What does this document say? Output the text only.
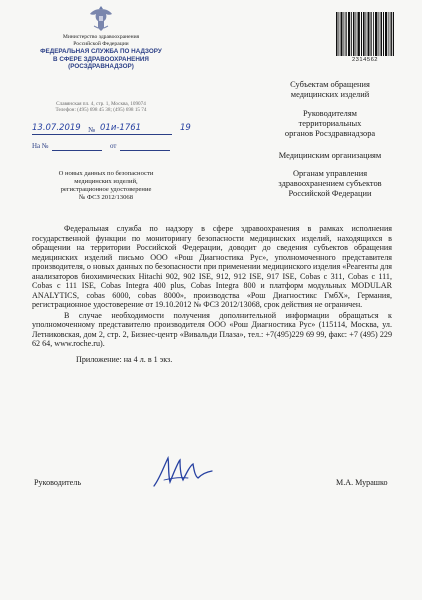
Министерство здравоохранения
Российской Федерации
ФЕДЕРАЛЬНАЯ СЛУЖБА ПО НАДЗОРУ
В СФЕРЕ ЗДРАВООХРАНЕНИЯ
(РОСЗДРАВНАДЗОР)
Славянская пл. 4, стр. 1, Москва, 109074
Телефон: (495) 698 45 38; (495) 698 15 74
2314562
13.07.2019 № 01и-1761	19
На №	от
Субъектам обращения
медицинских изделий
Руководителям
территориальных
органов Росздравнадзора
Медицинским организациям
Органам управления
здравоохранением субъектов
Российской Федерации
О новых данных по безопасности
медицинских изделий,
регистрационное удостоверение
№ ФСЗ 2012/13068

Федеральная служба по надзору в сфере здравоохранения в рамках исполнения государственной функции по мониторингу безопасности медицинских изделий, находящихся в обращении на территории Российской Федерации, доводит до сведения субъектов обращения медицинских изделий письмо ООО «Рош Диагностика Рус», уполномоченного представителя производителя, о новых данных по безопасности при применении медицинского изделия «Реагенты для анализаторов биохимических Hitachi 902, 902 ISE, 912, 912 ISE, 917 ISE, Cobas c 311, Cobas c 111, Cobas c 111 ISE, Cobas Integra 400 plus, Cobas Integra 800 и платформ модульных MODULAR ANALYTICS, cobas 6000, cobas 8000», производства «Рош Диагностикс ГмбХ», Германия, регистрационное удостоверение от 19.10.2012 № ФСЗ 2012/13068, срок действия не ограничен.

В случае необходимости получения дополнительной информации обращаться к уполномоченному представителю производителя ООО «Рош Диагностика Рус» (115114, Москва, ул. Летниковская, дом 2, стр. 2, Бизнес-центр «Вивальди Плаза», тел.: +7(495)229 69 99, факс: +7 (495) 229 62 64, www.roche.ru).

Приложение: на 4 л. в 1 экз.

Руководитель	М.А. Мурашко
